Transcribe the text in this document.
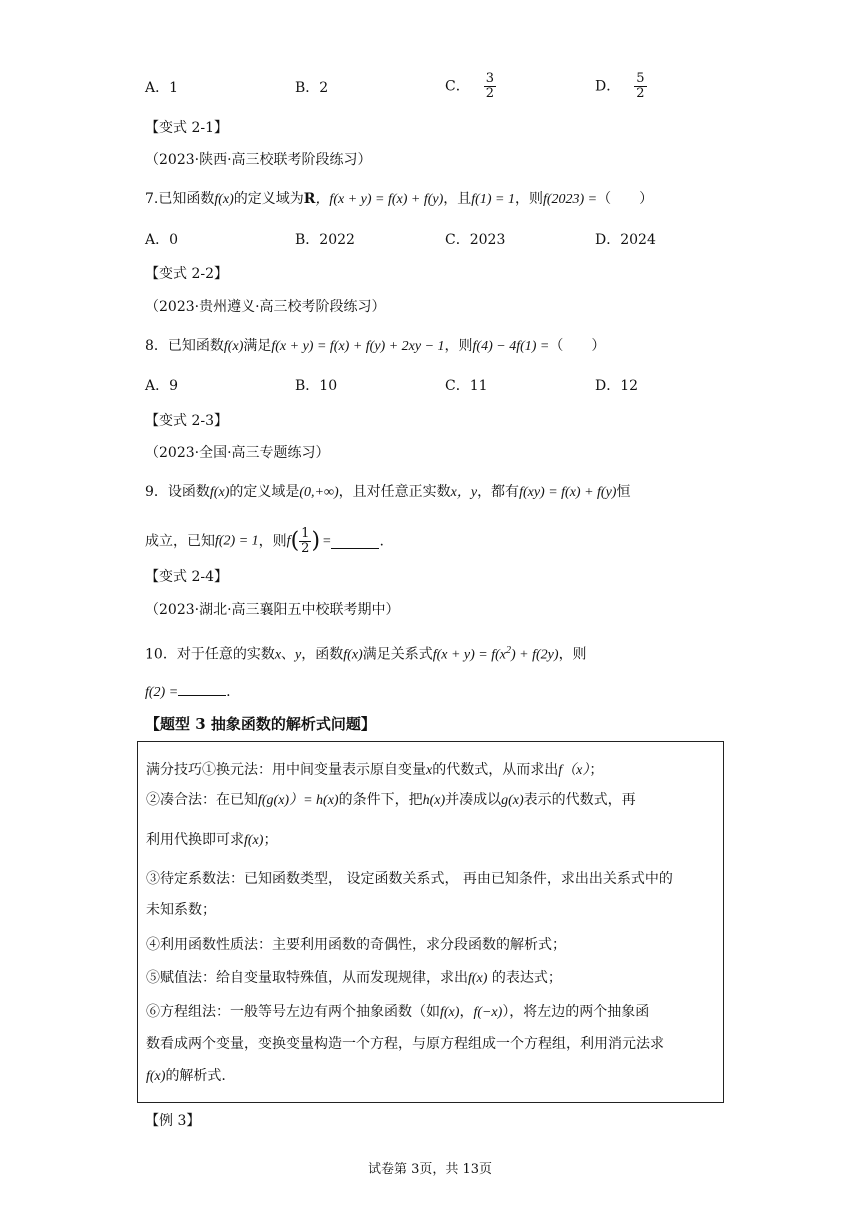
A．1	B．2	C． $\frac{3}{2}$	D． $\frac{5}{2}$
【变式 2-1】
（2023·陕西·高三校联考阶段练习）
7.已知函数f(x)的定义域为R，f(x + y) = f(x) + f(y)，且f(1) = 1，则f(2023) =（　　）
A．0	B．2022	C．2023	D．2024
【变式 2-2】
（2023·贵州遵义·高三校考阶段练习）
8．已知函数f(x)满足f(x + y) = f(x) + f(y) + 2xy − 1，则f(4) − 4f(1) =（　　）
A．9	B．10	C．11	D．12
【变式 2-3】
（2023·全国·高三专题练习）
9．设函数f(x)的定义域是(0,+∞)，且对任意正实数x，y，都有f(xy) = f(x) + f(y)恒
成立，已知f(2) = 1，则$f( \frac{1}{2}$ ) =	.
【变式 2-4】
（2023·湖北·高三襄阳五中校联考期中）
10．对于任意的实数x、y，函数f(x)满足关系式$f(x + y) = f(x^2) + f(2y)$，则
f(2) =	.
【题型 3 抽象函数的解析式问题】
满分技巧①换元法：用中间变量表示原自变量x的代数式，从而求出f（x）；
②凑合法：在已知f(g(x)）= h(x)的条件下，把h(x)并凑成以g(x)表示的代数式，再
利用代换即可求f(x)；
③待定系数法：已知函数类型， 设定函数关系式， 再由已知条件，求出出关系式中的
未知系数；
④利用函数性质法：主要利用函数的奇偶性，求分段函数的解析式；
⑤赋值法：给自变量取特殊值，从而发现规律，求出f(x) 的表达式；
⑥方程组法：一般等号左边有两个抽象函数（如f(x)，f(−x)），将左边的两个抽象函
数看成两个变量，变换变量构造一个方程，与原方程组成一个方程组，利用消元法求
f(x)的解析式.
【例 3】
试卷第 3页，共 13页
